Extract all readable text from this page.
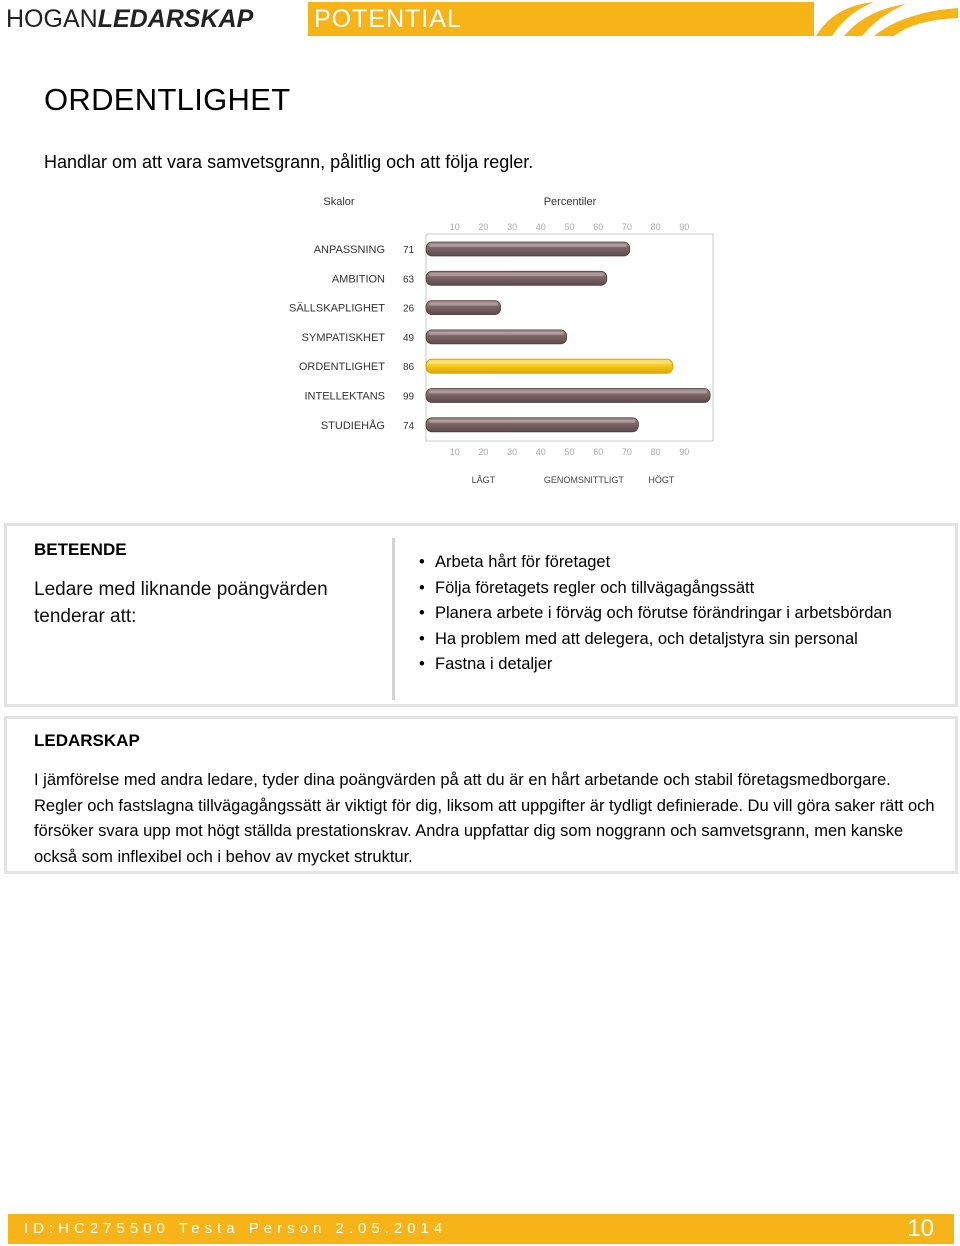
HOGANLEDARSKAP POTENTIAL
ORDENTLIGHET

Handlar om att vara samvetsgrann, pålitlig och att följa regler.

Skalor	Percentiler
10 20 30 40 50 60 70 80 90
10 20 30 40 50 60 70 80 90
ANPASSNING 71
AMBITION 63
SÄLLSKAPLIGHET 26
SYMPATISKHET 49
ORDENTLIGHET 86
INTELLEKTANS 99
STUDIEHÅG 74
LÅGT	GENOMSNITTLIGT	HÖGT
BETEENDE
Ledare med liknande poängvärden tenderar att:
• Arbeta hårt för företaget
• Följa företagets regler och tillvägagångssätt
• Planera arbete i förväg och förutse förändringar i arbetsbördan
• Ha problem med att delegera, och detaljstyra sin personal
• Fastna i detaljer
LEDARSKAP

I jämförelse med andra ledare, tyder dina poängvärden på att du är en hårt arbetande och stabil företagsmedborgare. Regler och fastslagna tillvägagångssätt är viktigt för dig, liksom att uppgifter är tydligt definierade. Du vill göra saker rätt och försöker svara upp mot högt ställda prestationskrav. Andra uppfattar dig som noggrann och samvetsgrann, men kanske också som inflexibel och i behov av mycket struktur.

ID:HC275500 Testa Person 2.05.2014	10
